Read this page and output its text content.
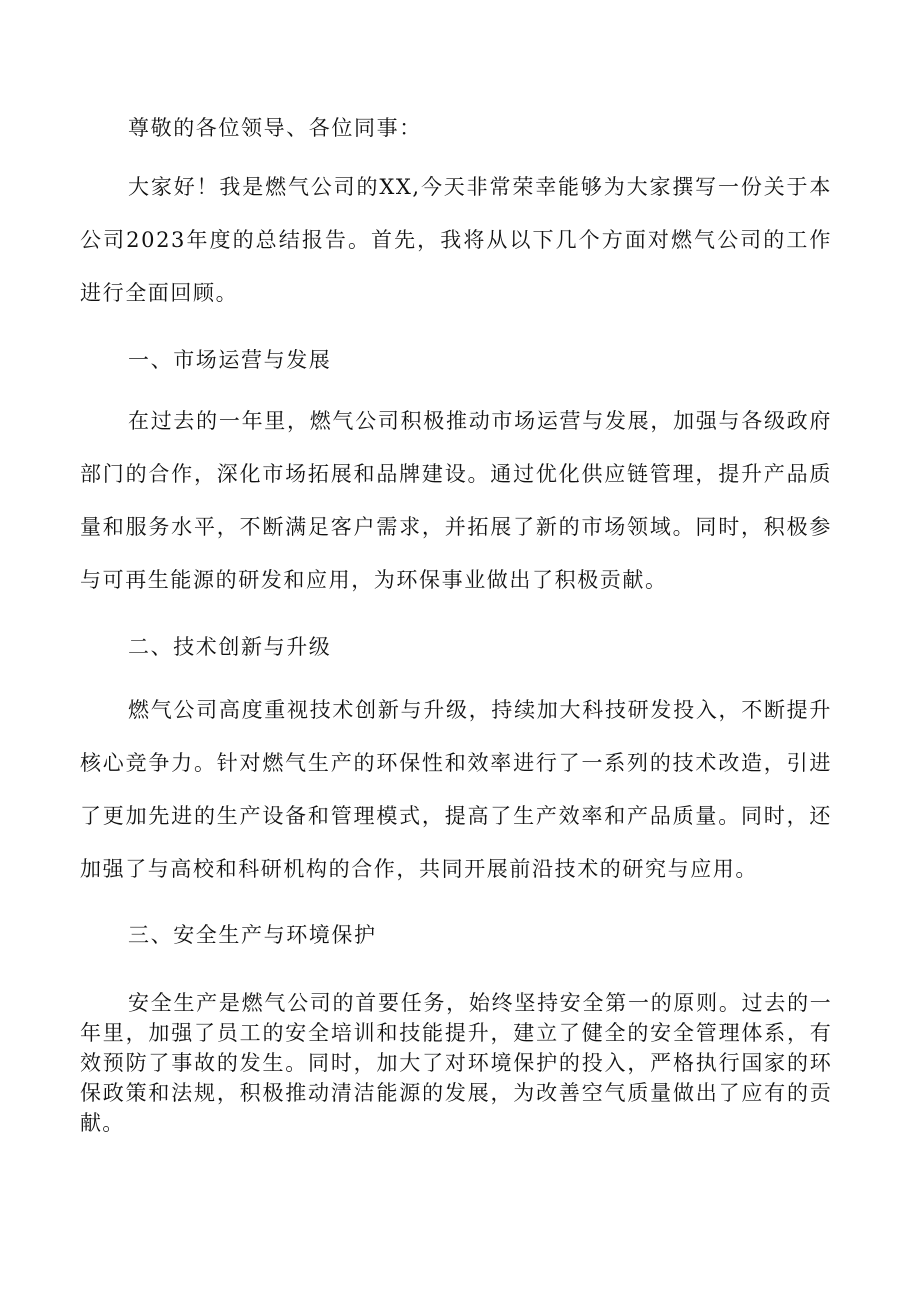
尊敬的各位领导、各位同事：

大家好！我是燃气公司的XX,今天非常荣幸能够为大家撰写一份关于本公司2023年度的总结报告。首先，我将从以下几个方面对燃气公司的工作进行全面回顾。

一、市场运营与发展

在过去的一年里，燃气公司积极推动市场运营与发展，加强与各级政府部门的合作，深化市场拓展和品牌建设。通过优化供应链管理，提升产品质量和服务水平，不断满足客户需求，并拓展了新的市场领域。同时，积极参与可再生能源的研发和应用，为环保事业做出了积极贡献。

二、技术创新与升级

燃气公司高度重视技术创新与升级，持续加大科技研发投入，不断提升核心竞争力。针对燃气生产的环保性和效率进行了一系列的技术改造，引进了更加先进的生产设备和管理模式，提高了生产效率和产品质量。同时，还加强了与高校和科研机构的合作，共同开展前沿技术的研究与应用。

三、安全生产与环境保护

安全生产是燃气公司的首要任务，始终坚持安全第一的原则。过去的一年里，加强了员工的安全培训和技能提升，建立了健全的安全管理体系，有效预防了事故的发生。同时，加大了对环境保护的投入，严格执行国家的环保政策和法规，积极推动清洁能源的发展，为改善空气质量做出了应有的贡献。
